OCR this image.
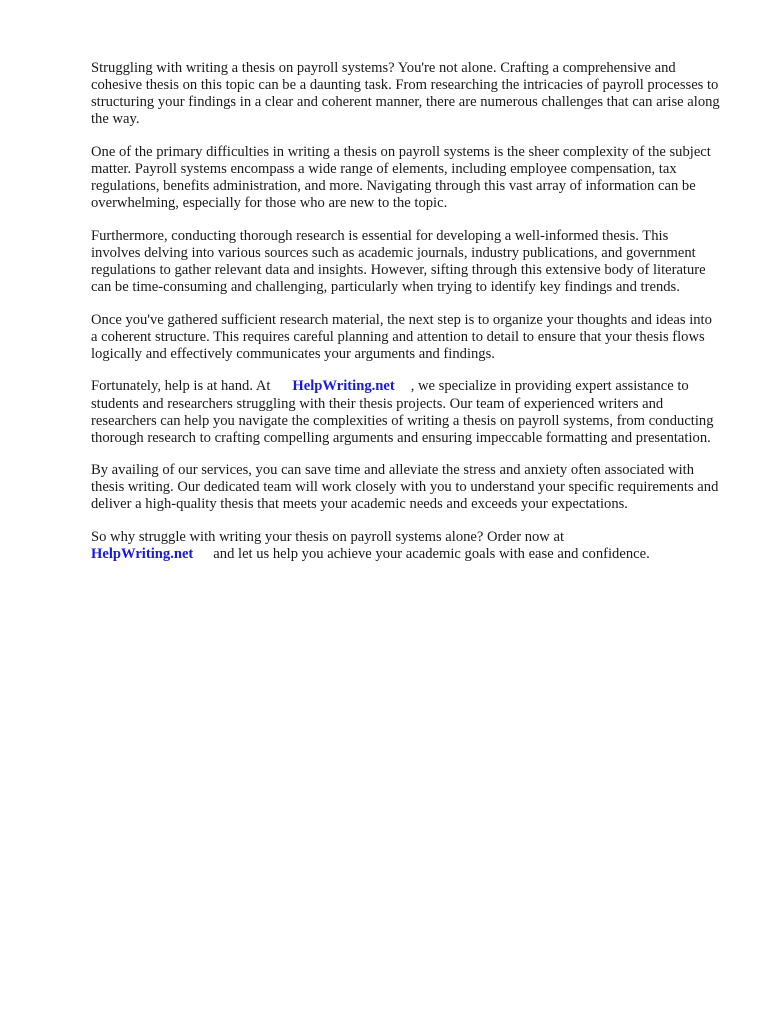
Struggling with writing a thesis on payroll systems? You're not alone. Crafting a comprehensive and cohesive thesis on this topic can be a daunting task. From researching the intricacies of payroll processes to structuring your findings in a clear and coherent manner, there are numerous challenges that can arise along the way.

One of the primary difficulties in writing a thesis on payroll systems is the sheer complexity of the subject matter. Payroll systems encompass a wide range of elements, including employee compensation, tax regulations, benefits administration, and more. Navigating through this vast array of information can be overwhelming, especially for those who are new to the topic.

Furthermore, conducting thorough research is essential for developing a well-informed thesis. This involves delving into various sources such as academic journals, industry publications, and government regulations to gather relevant data and insights. However, sifting through this extensive body of literature can be time-consuming and challenging, particularly when trying to identify key findings and trends.

Once you've gathered sufficient research material, the next step is to organize your thoughts and ideas into a coherent structure. This requires careful planning and attention to detail to ensure that your thesis flows logically and effectively communicates your arguments and findings.

Fortunately, help is at hand. At HelpWriting.net , we specialize in providing expert assistance to students and researchers struggling with their thesis projects. Our team of experienced writers and researchers can help you navigate the complexities of writing a thesis on payroll systems, from conducting thorough research to crafting compelling arguments and ensuring impeccable formatting and presentation.

By availing of our services, you can save time and alleviate the stress and anxiety often associated with thesis writing. Our dedicated team will work closely with you to understand your specific requirements and deliver a high-quality thesis that meets your academic needs and exceeds your expectations.

So why struggle with writing your thesis on payroll systems alone? Order now at
HelpWriting.net and let us help you achieve your academic goals with ease and confidence.
